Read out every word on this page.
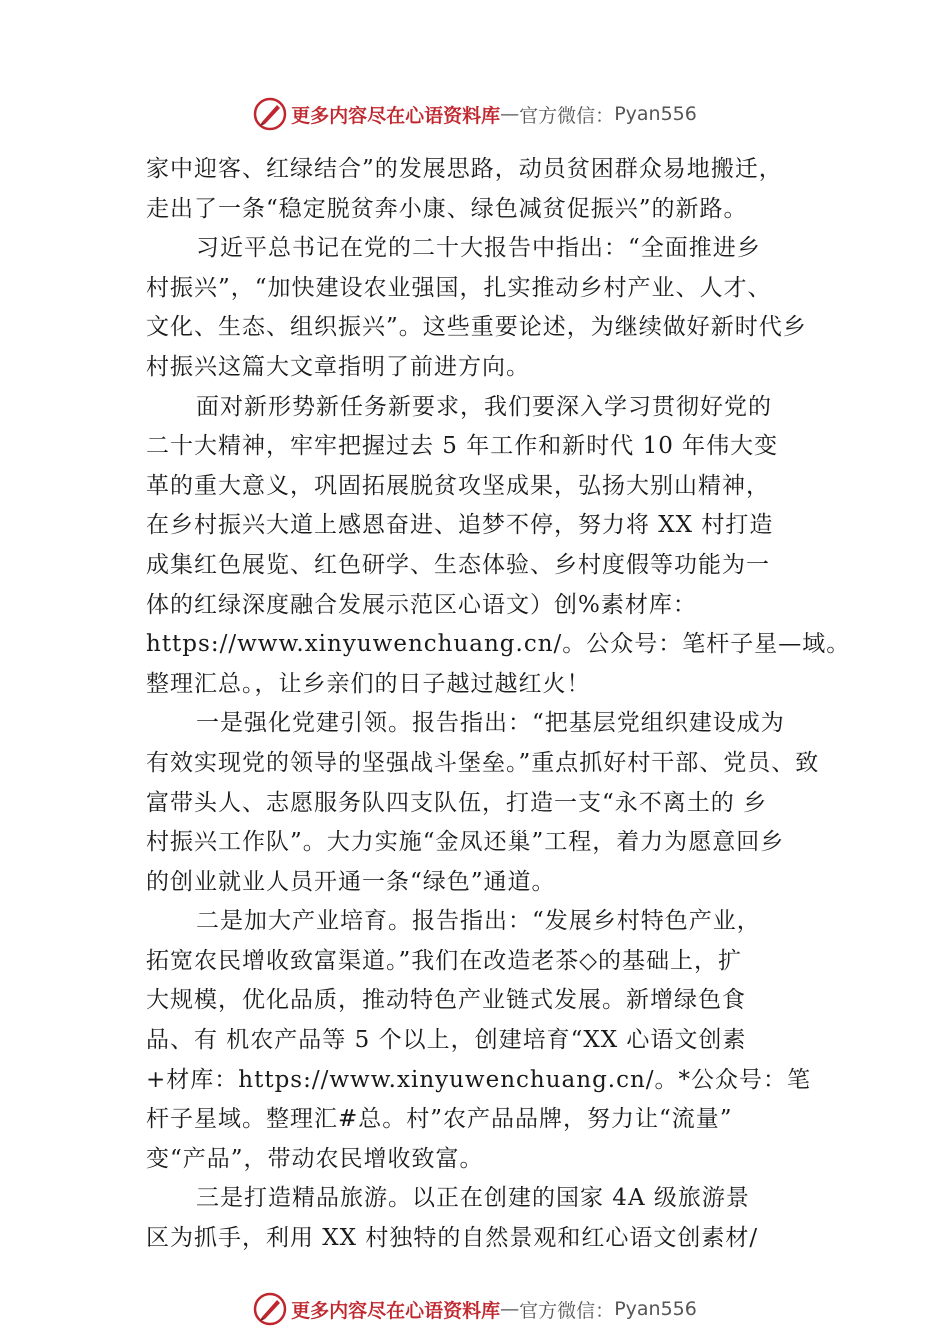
更多内容尽在心语资料库 — 官方微信： Pyan556

家中迎客、红绿结合”的发展思路，动员贫困群众易地搬迁，

走出了一条“稳定脱贫奔小康、绿色减贫促振兴”的新路。

习近平总书记在党的二十大报告中指出：“全面推进乡

村振兴”，“加快建设农业强国，扎实推动乡村产业、人才、

文化、生态、组织振兴”。这些重要论述，为继续做好新时代乡

村振兴这篇大文章指明了前进方向。

面对新形势新任务新要求，我们要深入学习贯彻好党的

二十大精神，牢牢把握过去 5 年工作和新时代 10 年伟大变

革的重大意义，巩固拓展脱贫攻坚成果，弘扬大别山精神，

在乡村振兴大道上感恩奋进、追梦不停，努力将 XX 村打造

成集红色展览、红色研学、生态体验、乡村度假等功能为一

体的红绿深度融合发展示范区心语文）创%素材库：

https://www.xinyuwenchuang.cn/。公众号：笔杆子星—域。

整理汇总。，让乡亲们的日子越过越红火！

一是强化党建引领。报告指出：“把基层党组织建设成为

有效实现党的领导的坚强战斗堡垒。”重点抓好村干部、党员、致

富带头人、志愿服务队四支队伍，打造一支“永不离土的 乡

村振兴工作队”。大力实施“金凤还巢”工程，着力为愿意回乡

的创业就业人员开通一条“绿色”通道。

二是加大产业培育。报告指出：“发展乡村特色产业，

拓宽农民增收致富渠道。”我们在改造老茶◇的基础上，扩

大规模，优化品质，推动特色产业链式发展。新增绿色食

品、有 机农产品等 5 个以上，创建培育“XX 心语文创素

+材库：https://www.xinyuwenchuang.cn/。*公众号：笔

杆子星域。整理汇#总。村”农产品品牌，努力让“流量”

变“产品”，带动农民增收致富。

三是打造精品旅游。以正在创建的国家 4A 级旅游景

区为抓手，利用 XX 村独特的自然景观和红心语文创素材/

更多内容尽在心语资料库 — 官方微信： Pyan556
